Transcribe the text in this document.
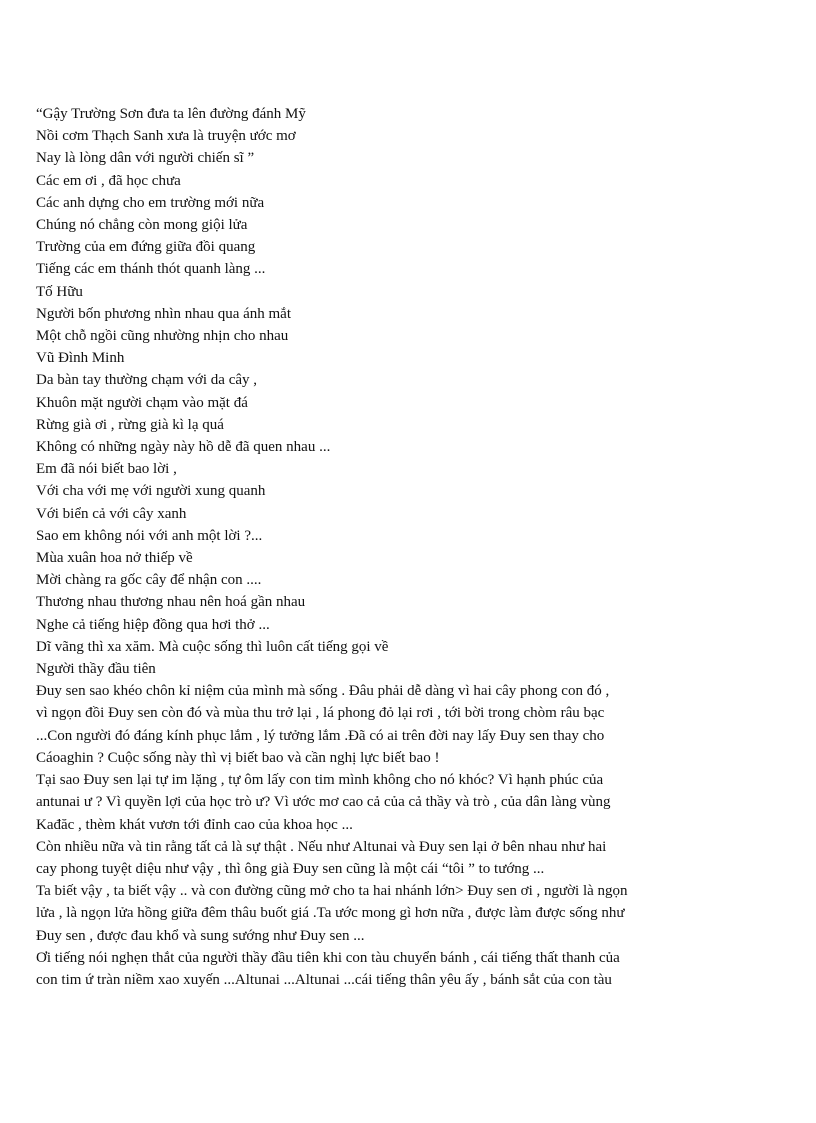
“Gậy Trường Sơn đưa ta lên đường đánh Mỹ
Nồi cơm Thạch Sanh xưa là truyện ước mơ
Nay là lòng dân với người chiến sĩ ”
Các em ơi , đã học chưa
Các anh dựng cho em trường mới nữa
Chúng nó chẳng còn mong giội lửa
Trường của em đứng giữa đồi quang
Tiếng các em thánh thót quanh làng ...
Tố Hữu
Người bốn phương nhìn nhau qua ánh mắt
Một chỗ ngồi cũng nhường nhịn cho nhau
Vũ Đình Minh
Da bàn tay thường chạm với da cây ,
Khuôn mặt người chạm vào mặt đá
Rừng già ơi , rừng già kì lạ quá
Không có những ngày này hồ dễ đã quen nhau ...
Em đã nói biết bao lời ,
Với cha với mẹ với người xung quanh
Với biển cả với cây xanh
Sao em không nói với anh một lời ?...
Mùa xuân hoa nở thiếp về
Mời chàng ra gốc cây để nhận con ....
Thương nhau thương nhau nên hoá gần nhau
Nghe cả tiếng hiệp đồng qua hơi thở ...
Dĩ vãng thì xa xăm. Mà cuộc sống thì luôn cất tiếng gọi về
Người thầy đầu tiên
Đuy sen sao khéo chôn kỉ niệm của mình mà sống . Đâu phải dễ dàng vì hai cây phong con đó ,
vì ngọn đồi Đuy sen còn đó và mùa thu trở lại , lá phong đỏ lại rơi , tới bời trong chòm râu bạc
...Con người đó đáng kính phục lắm , lý tưởng lắm .Đã có ai trên đời nay lấy Đuy sen thay cho
Cáoaghin ? Cuộc sống này thì vị biết bao và cần nghị lực biết bao !
Tại sao Đuy sen lại tự im lặng , tự ôm lấy con tim mình không cho nó khóc? Vì hạnh phúc của
antunai ư ? Vì quyền lợi của học trò ư? Vì ước mơ cao cả của cả thầy và trò , của dân làng vùng
Kađăc , thèm khát vươn tới đỉnh cao của khoa học ...
Còn nhiều nữa và tin rằng tất cả là sự thật . Nếu như Altunai và Đuy sen lại ở bên nhau như hai
cay phong tuyệt diệu như vậy , thì ông già Đuy sen cũng là một cái “tôi ” to tướng ...
Ta biết vậy , ta biết vậy .. và con đường cũng mở cho ta hai nhánh lớn> Đuy sen ơi , người là ngọn
lửa , là ngọn lửa hồng giữa đêm thâu buốt giá .Ta ước mong gì hơn nữa , được làm được sống như
Đuy sen , được đau khổ và sung sướng như Đuy sen ...
Ơi tiếng nói nghẹn thắt của người thầy đầu tiên khi con tàu chuyển bánh , cái tiếng thất thanh của
con tim ứ tràn niềm xao xuyến ...Altunai ...Altunai ...cái tiếng thân yêu ấy , bánh sắt của con tàu
